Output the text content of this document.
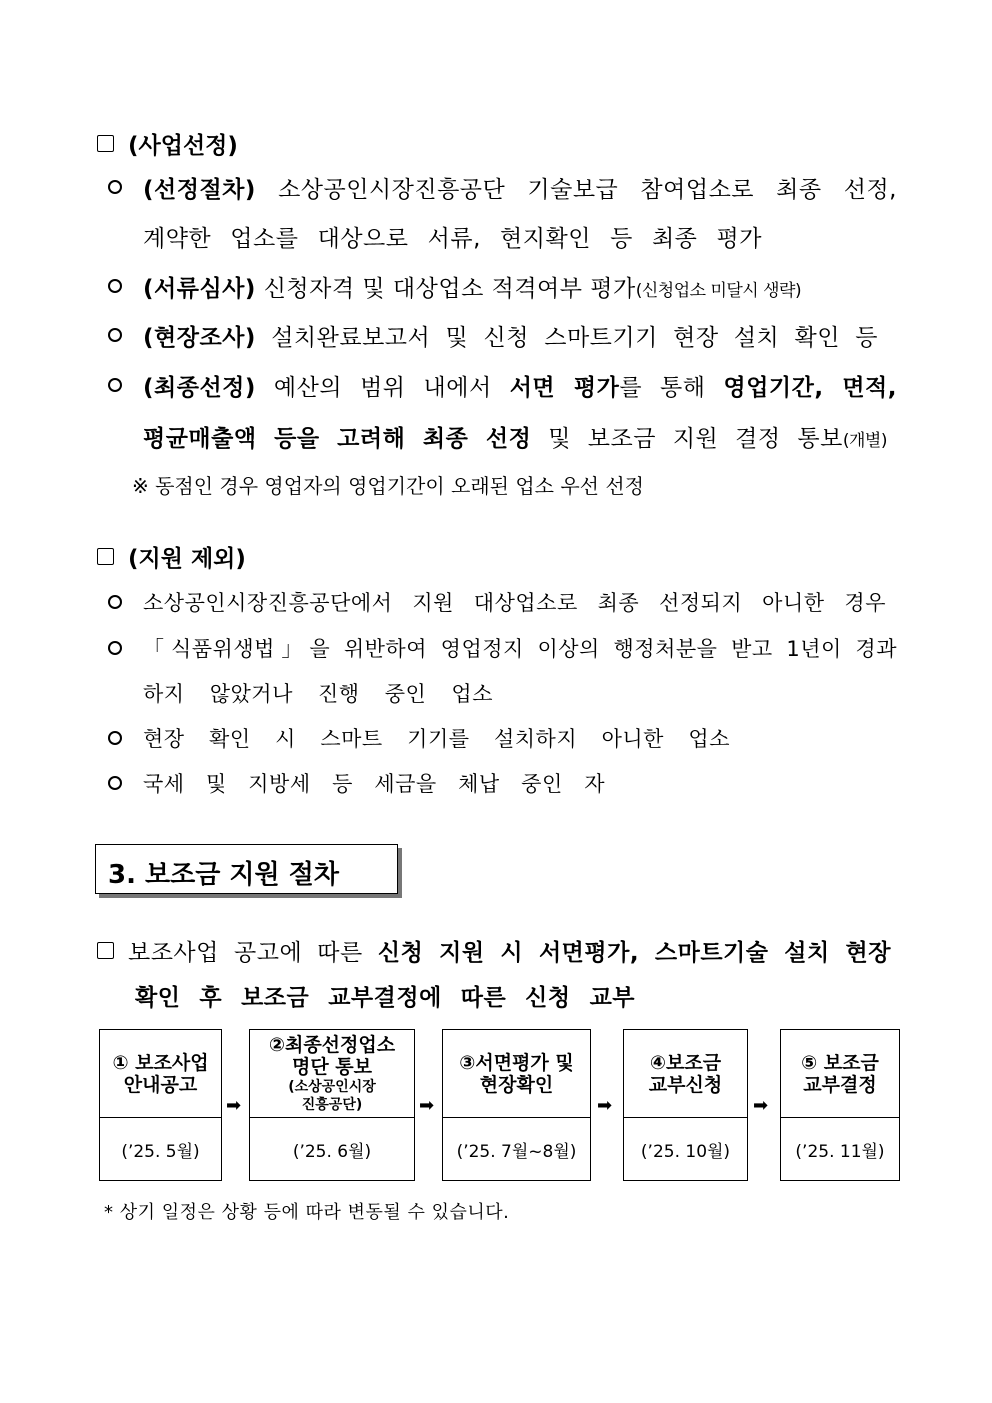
(사업선정)
(선정절차) 소상공인시장진흥공단 기술보급 참여업소로 최종 선정,
계약한 업소를 대상으로 서류, 현지확인 등 최종 평가
(서류심사) 신청자격 및 대상업소 적격여부 평가(신청업소 미달시 생략)
(현장조사) 설치완료보고서 및 신청 스마트기기 현장 설치 확인 등
(최종선정) 예산의 범위 내에서 서면 평가를 통해 영업기간, 면적,
평균매출액 등을 고려해 최종 선정 및 보조금 지원 결정 통보(개별)
※ 동점인 경우 영업자의 영업기간이 오래된 업소 우선 선정
(지원 제외)
소상공인시장진흥공단에서 지원 대상업소로 최종 선정되지 아니한 경우
「식품위생법」을 위반하여 영업정지 이상의 행정처분을 받고 1년이 경과
하지 않았거나 진행 중인 업소
현장 확인 시 스마트 기기를 설치하지 아니한 업소
국세 및 지방세 등 세금을 체납 중인 자
3. 보조금 지원 절차
보조사업 공고에 따른 신청 지원 시 서면평가, 스마트기술 설치 현장
확인 후 보조금 교부결정에 따른 신청 교부
① 보조사업
안내공고
(’25. 5월)
➡
②최종선정업소
명단 통보
(소상공인시장
진흥공단)
(’25. 6월)
➡
③서면평가 및
현장확인
(’25. 7월~8월)
➡
④보조금
교부신청
(’25. 10월)
➡
⑤ 보조금
교부결정
(’25. 11월)
* 상기 일정은 상황 등에 따라 변동될 수 있습니다.
